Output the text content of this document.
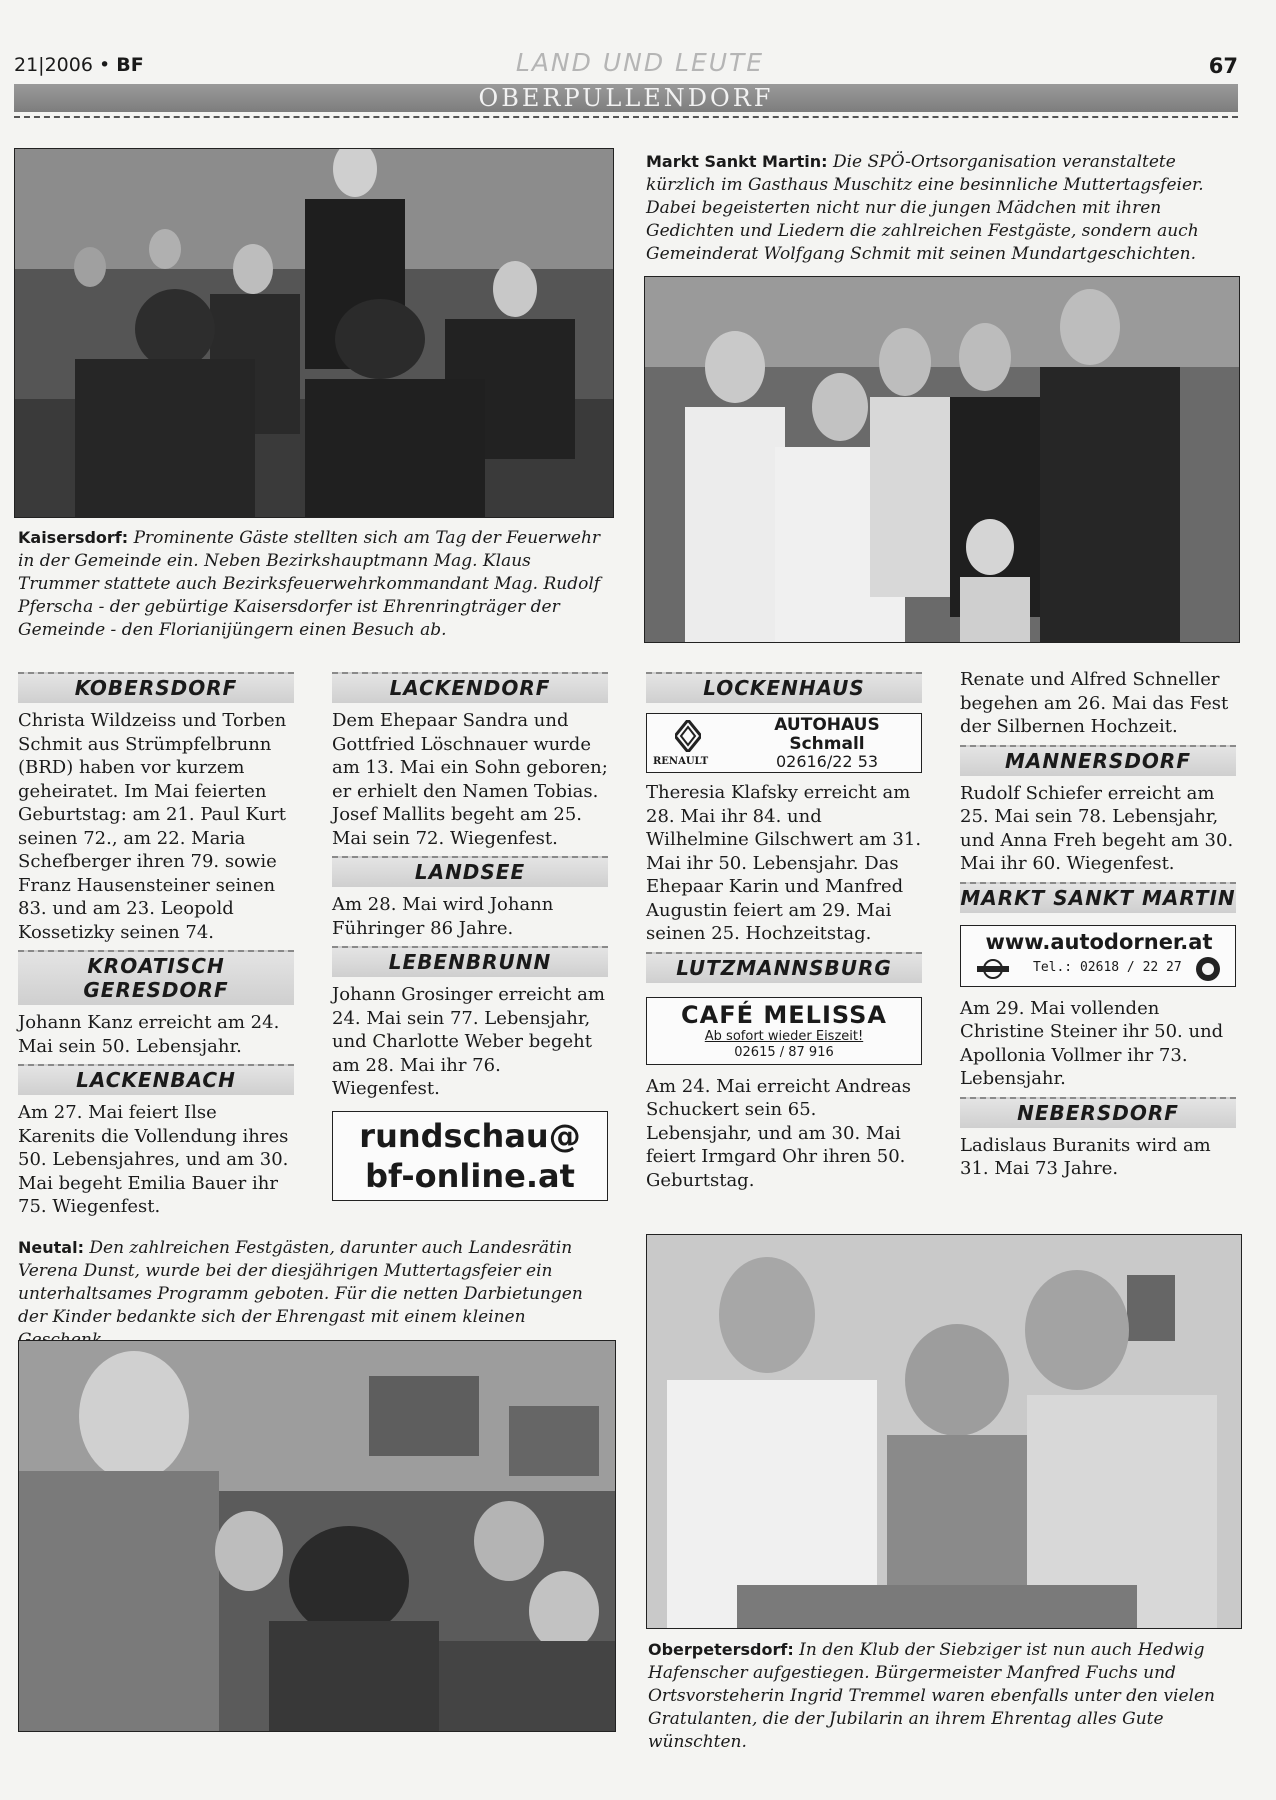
21|2006 • BF	LAND UND LEUTE	67
OBERPULLENDORF
Kaisersdorf: Prominente Gäste stellten sich am Tag der Feuerwehr in der Gemeinde ein. Neben Bezirkshauptmann Mag. Klaus Trummer stattete auch Bezirksfeuerwehrkommandant Mag. Rudolf Pferscha - der gebürtige Kaisersdorfer ist Ehrenringträger der Gemeinde - den Florianijüngern einen Besuch ab.
Markt Sankt Martin: Die SPÖ-Ortsorganisation veranstaltete kürzlich im Gasthaus Muschitz eine besinnliche Muttertagsfeier. Dabei begeisterten nicht nur die jungen Mädchen mit ihren Gedichten und Liedern die zahlreichen Festgäste, sondern auch Gemeinderat Wolfgang Schmit mit seinen Mundartgeschichten.
KOBERSDORF

Christa Wildzeiss und Torben Schmit aus Strümpfelbrunn (BRD) haben vor kurzem geheiratet. Im Mai feierten Geburtstag: am 21. Paul Kurt seinen 72., am 22. Maria Schefberger ihren 79. sowie Franz Hausensteiner seinen 83. und am 23. Leopold Kossetizky seinen 74.

KROATISCH GERESDORF

Johann Kanz erreicht am 24. Mai sein 50. Lebensjahr.

LACKENBACH

Am 27. Mai feiert Ilse Karenits die Vollendung ihres 50. Lebensjahres, und am 30. Mai begeht Emilia Bauer ihr 75. Wiegenfest.

LACKENDORF

Dem Ehepaar Sandra und Gottfried Löschnauer wurde am 13. Mai ein Sohn geboren; er erhielt den Namen Tobias. Josef Mallits begeht am 25. Mai sein 72. Wiegenfest.

LANDSEE

Am 28. Mai wird Johann Führinger 86 Jahre.

LEBENBRUNN

Johann Grosinger erreicht am 24. Mai sein 77. Lebensjahr, und Charlotte Weber begeht am 28. Mai ihr 76. Wiegenfest.

rundschau@
bf-online.at
LOCKENHAUS
RENAULT
AUTOHAUS
Schmall
02616/22 53

Theresia Klafsky erreicht am 28. Mai ihr 84. und Wilhelmine Gilschwert am 31. Mai ihr 50. Lebensjahr. Das Ehepaar Karin und Manfred Augustin feiert am 29. Mai seinen 25. Hochzeitstag.

LUTZMANNSBURG
CAFÉ MELISSA
Ab sofort wieder Eiszeit!
02615 / 87 916

Am 24. Mai erreicht Andreas Schuckert sein 65. Lebensjahr, und am 30. Mai feiert Irmgard Ohr ihren 50. Geburtstag.

Renate und Alfred Schneller begehen am 26. Mai das Fest der Silbernen Hochzeit.

MANNERSDORF

Rudolf Schiefer erreicht am 25. Mai sein 78. Lebensjahr, und Anna Freh begeht am 30. Mai ihr 60. Wiegenfest.

MARKT SANKT MARTIN
www.autodorner.at
Tel.: 02618 / 22 27

Am 29. Mai vollenden Christine Steiner ihr 50. und Apollonia Vollmer ihr 73. Lebensjahr.

NEBERSDORF

Ladislaus Buranits wird am 31. Mai 73 Jahre.

Neutal: Den zahlreichen Festgästen, darunter auch Landesrätin Verena Dunst, wurde bei der diesjährigen Muttertagsfeier ein unterhaltsames Programm geboten. Für die netten Darbietungen der Kinder bedankte sich der Ehrengast mit einem kleinen
Oberpetersdorf: In den Klub der Siebziger ist nun auch Hedwig Hafenscher aufgestiegen. Bürgermeister Manfred Fuchs und Ortsvorsteherin Ingrid Tremmel waren ebenfalls unter den vielen Gratulanten, die der Jubilarin an ihrem Ehrentag alles Gute wünschten.
